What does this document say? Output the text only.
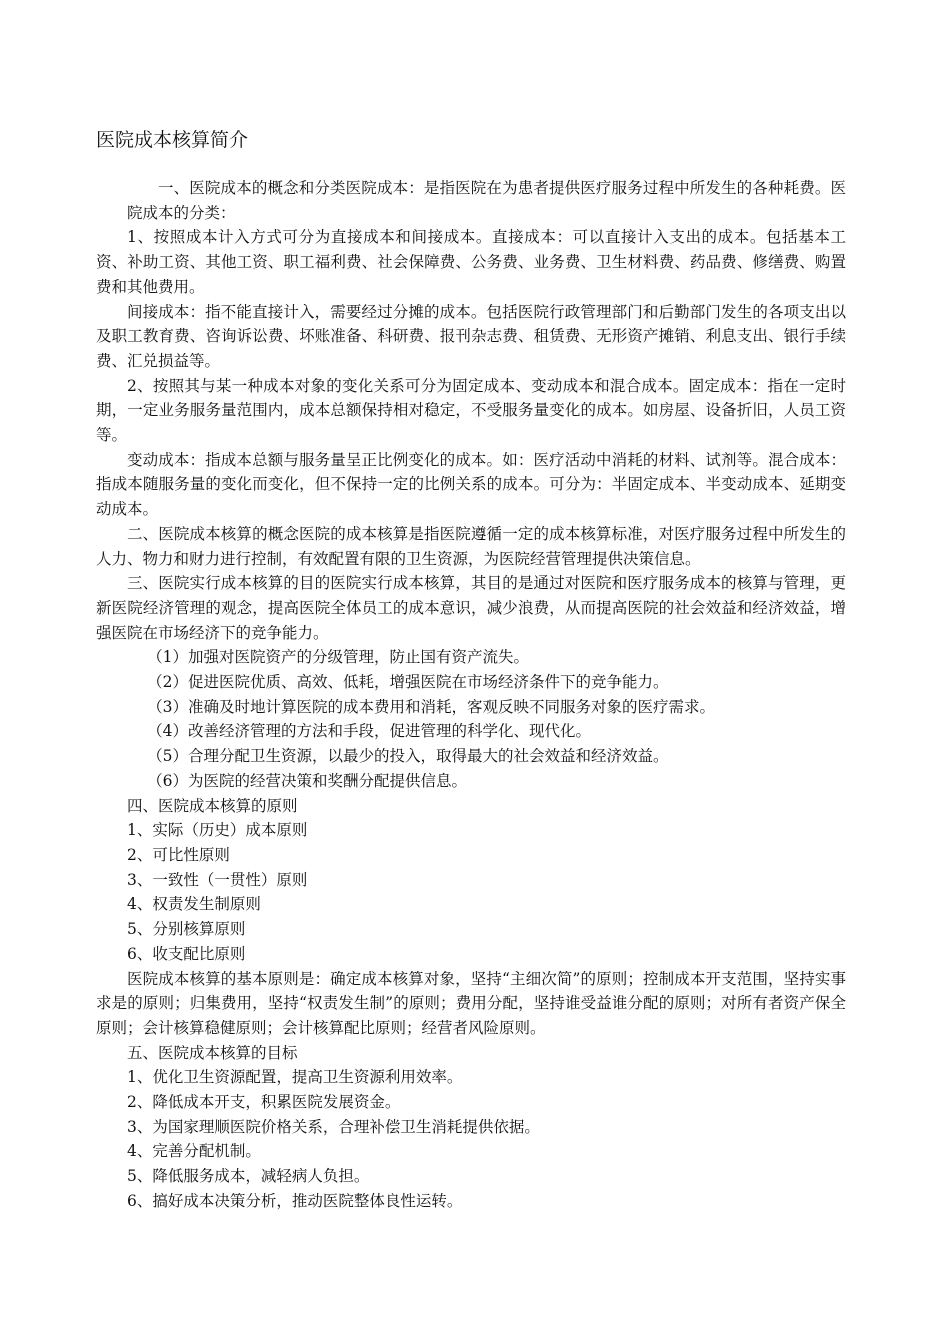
医院成本核算简介

一、医院成本的概念和分类医院成本：是指医院在为患者提供医疗服务过程中所发生的各种耗费。医院成本的分类：

1、按照成本计入方式可分为直接成本和间接成本。直接成本：可以直接计入支出的成本。包括基本工资、补助工资、其他工资、职工福利费、社会保障费、公务费、业务费、卫生材料费、药品费、修缮费、购置费和其他费用。

间接成本：指不能直接计入，需要经过分摊的成本。包括医院行政管理部门和后勤部门发生的各项支出以及职工教育费、咨询诉讼费、坏账准备、科研费、报刊杂志费、租赁费、无形资产摊销、利息支出、银行手续费、汇兑损益等。

2、按照其与某一种成本对象的变化关系可分为固定成本、变动成本和混合成本。固定成本：指在一定时期，一定业务服务量范围内，成本总额保持相对稳定，不受服务量变化的成本。如房屋、设备折旧，人员工资等。

变动成本：指成本总额与服务量呈正比例变化的成本。如：医疗活动中消耗的材料、试剂等。混合成本：指成本随服务量的变化而变化，但不保持一定的比例关系的成本。可分为：半固定成本、半变动成本、延期变动成本。

二、医院成本核算的概念医院的成本核算是指医院遵循一定的成本核算标准，对医疗服务过程中所发生的人力、物力和财力进行控制，有效配置有限的卫生资源，为医院经营管理提供决策信息。

三、医院实行成本核算的目的医院实行成本核算，其目的是通过对医院和医疗服务成本的核算与管理，更新医院经济管理的观念，提高医院全体员工的成本意识，减少浪费，从而提高医院的社会效益和经济效益，增强医院在市场经济下的竞争能力。

（1）加强对医院资产的分级管理，防止国有资产流失。

（2）促进医院优质、高效、低耗，增强医院在市场经济条件下的竞争能力。

（3）准确及时地计算医院的成本费用和消耗，客观反映不同服务对象的医疗需求。

（4）改善经济管理的方法和手段，促进管理的科学化、现代化。

（5）合理分配卫生资源，以最少的投入，取得最大的社会效益和经济效益。

（6）为医院的经营决策和奖酬分配提供信息。

四、医院成本核算的原则

1、实际（历史）成本原则

2、可比性原则

3、一致性（一贯性）原则

4、权责发生制原则

5、分别核算原则

6、收支配比原则

医院成本核算的基本原则是：确定成本核算对象，坚持“主细次简”的原则；控制成本开支范围，坚持实事求是的原则；归集费用，坚持“权责发生制”的原则；费用分配，坚持谁受益谁分配的原则；对所有者资产保全原则；会计核算稳健原则；会计核算配比原则；经营者风险原则。

五、医院成本核算的目标

1、优化卫生资源配置，提高卫生资源利用效率。

2、降低成本开支，积累医院发展资金。

3、为国家理顺医院价格关系，合理补偿卫生消耗提供依据。

4、完善分配机制。

5、降低服务成本，减轻病人负担。

6、搞好成本决策分析，推动医院整体良性运转。
